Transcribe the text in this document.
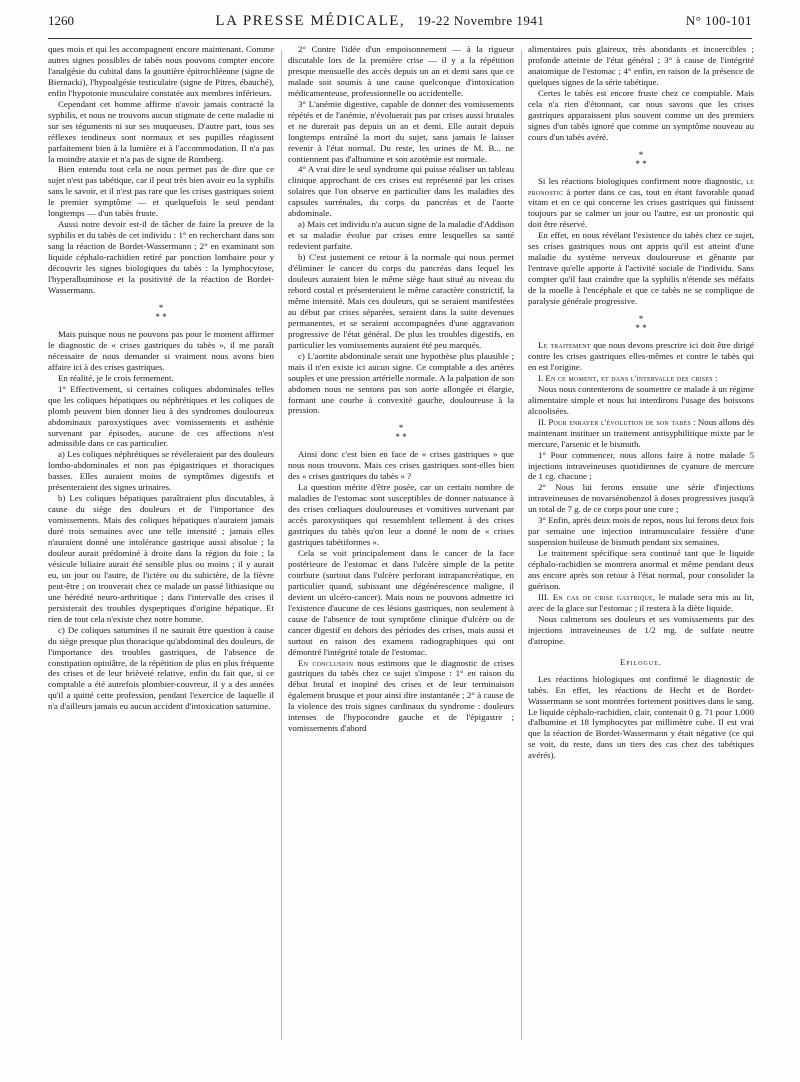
1260	LA PRESSE MÉDICALE, 19-22 Novembre 1941	N° 100-101

ques mois et qui les accompagnent encore maintenant. Comme autres signes possibles de tabès nous pouvons compter encore l'analgésie du cubital dans la gouttière épitrochléenne (signe de Biernacki), l'hypoalgésie testiculaire (signe de Pitres, ébauché), enfin l'hypotonie musculaire constatée aux membres inférieurs.

Cependant cet homme affirme n'avoir jamais contracté la syphilis, et nous ne trouvons aucun stigmate de cette maladie ni sur ses téguments ni sur ses muqueuses. D'autre part, tous ses réflexes tendineux sont normaux et ses pupilles réagissent parfaitement bien à la lumière et à l'accommodation. Il n'a pas la moindre ataxie et n'a pas de signe de Romberg.

Bien entendu tout cela ne nous permet pas de dire que ce sujet n'est pas tabétique, car il peut très bien avoir eu la syphilis sans le savoir, et il n'est pas rare que les crises gastriques soient le premier symptôme — et quelquefois le seul pendant longtemps — d'un tabès fruste.

Aussi notre devoir est-il de tâcher de faire la preuve de la syphilis et du tabès de cet individu : 1° en recherchant dans son sang la réaction de Bordet-Wassermann ; 2° en examinant son liquide céphalo-rachidien retiré par ponction lombaire pour y découvrir les signes biologiques du tabès : la lymphocytose, l'hyperalbuminose et la positivité de la réaction de Bordet-Wassermann.

*
* *

Mais puisque nous ne pouvons pas pour le moment affirmer le diagnostic de « crises gastriques du tabès », il me paraît nécessaire de nous demander si vraiment nous avons bien affaire ici à des crises gastriques.

En réalité, je le crois fermement.

1° Effectivement, si certaines coliques abdominales telles que les coliques hépatiques ou néphrétiques et les coliques de plomb peuvent bien donner lieu à des syndromes douloureux abdominaux paroxystiques avec vomissements et asthénie survenant par épisodes, aucune de ces affections n'est admissible dans ce cas particulier.

a) Les coliques néphrétiques se révéleraient par des douleurs lombo-abdominales et non pas épigastriques et thoraciques basses. Elles auraient moins de symptômes digestifs et présenteraient des signes urinaires.

b) Les coliques hépatiques paraîtraient plus discutables, à cause du siège des douleurs et de l'importance des vomissements. Mais des coliques hépatiques n'auraient jamais duré trois semaines avec une telle intensité ; jamais elles n'auraient donné une intolérance gastrique aussi absolue ; la douleur aurait prédominé à droite dans la région du foie ; la vésicule biliaire aurait été sensible plus ou moins ; il y aurait eu, un jour ou l'autre, de l'ictère ou du subictère, de la fièvre peut-être ; on trouverait chez ce malade un passé lithiasique ou une hérédité neuro-arthritique ; dans l'intervalle des crises il persisterait des troubles dyspeptiques d'origine hépatique. Et rien de tout cela n'existe chez notre homme.

c) De coliques saturnines il ne saurait être question à cause du siège presque plus thoracique qu'abdominal des douleurs, de l'importance des troubles gastriques, de l'absence de constipation opiniâtre, de la répétition de plus en plus fréquente des crises et de leur brièveté relative, enfin du fait que, si ce comptable a été autrefois plombier-couvreur, il y a des années qu'il a quitté cette profession, pendant l'exercice de laquelle il n'a d'ailleurs jamais eu aucun accident d'intoxication saturnine.

2° Contre l'idée d'un empoisonnement — à la rigueur discutable lors de la première crise — il y a la répétition presque mensuelle des accès depuis un an et demi sans que ce malade soit soumis à une cause quelconque d'intoxication médicamenteuse, professionnelle ou accidentelle.

3° L'anémie digestive, capable de donner des vomissements répétés et de l'anémie, n'évoluerait pas par crises aussi brutales et ne durerait pas depuis un an et demi. Elle aurait depuis longtemps entraîné la mort du sujet, sans jamais le laisser revenir à l'état normal. Du reste, les urines de M. B... ne contiennent pas d'albumine et son azotémie est normale.

4° A vrai dire le seul syndrome qui puisse réaliser un tableau clinique approchant de ces crises est représenté par les crises solaires que l'on observe en particulier dans les maladies des capsules surrénales, du corps du pancréas et de l'aorte abdominale.

a) Mais cet individu n'a aucun signe de la maladie d'Addison et sa maladie évolue par crises entre lesquelles sa santé redevient parfaite.

b) C'est justement ce retour à la normale qui nous permet d'éliminer le cancer du corps du pancréas dans lequel les douleurs auraient bien le même siège haut situé au niveau du rebord costal et présenteraient le même caractère constrictif, la même intensité. Mais ces douleurs, qui se seraient manifestées au début par crises séparées, seraient dans la suite devenues permanentes, et se seraient accompagnées d'une aggravation progressive de l'état général. De plus les troubles digestifs, en particulier les vomissements auraient été peu marqués.

c) L'aortite abdominale serait une hypothèse plus plausible ; mais il n'en existe ici aucun signe. Ce comptable a des artères souples et une pression artérielle normale. A la palpation de son abdomen nous ne sentons pas son aorte allongée et élargie, formant une courbe à convexité gauche, douloureuse à la pression.

*
* *

Ainsi donc c'est bien en face de « crises gastriques » que nous nous trouvons. Mais ces crises gastriques sont-elles bien des « crises gastriques du tabès » ?

La question mérite d'être posée, car un certain nombre de maladies de l'estomac sont susceptibles de donner naissance à des crises cœliaques douloureuses et vomitives survenant par accès paroxystiques qui ressemblent tellement à des crises gastriques du tabès qu'on leur a donné le nom de « crises gastriques tabétiformes ».

Cela se voit principalement dans le cancer de la face postérieure de l'estomac et dans l'ulcère simple de la petite courbure (surtout dans l'ulcère perforant intrapancréatique, en particulier quand, subissant une dégénérescence maligne, il devient un ulcéro-cancer). Mais nous ne pouvons admettre ici l'existence d'aucune de ces lésions gastriques, non seulement à cause de l'absence de tout symptôme clinique d'ulcère ou de cancer digestif en dehors des périodes des crises, mais aussi et surtout en raison des examens radiographiques qui ont démontré l'intégrité totale de l'estomac.

En conclusion nous estimons que le diagnostic de crises gastriques du tabès chez ce sujet s'impose : 1° en raison du début brutal et inopiné des crises et de leur terminaison également brusque et pour ainsi dire instantanée ; 2° à cause de la violence des trois signes cardinaux du syndrome : douleurs intenses de l'hypocondre gauche et de l'épigastre ; vomissements d'abord

alimentaires puis glaireux, très abondants et incoercibles ; profonde atteinte de l'état général ; 3° à cause de l'intégrité anatomique de l'estomac ; 4° enfin, en raison de la présence de quelques signes de la série tabétique.

Certes le tabès est encore fruste chez ce comptable. Mais cela n'a rien d'étonnant, car nous savons que les crises gastriques apparaissent plus souvent comme un des premiers signes d'un tabès ignoré que comme un symptôme nouveau au cours d'un tabès avéré.

*
* *

Si les réactions biologiques confirment notre diagnostic, le pronostic à porter dans ce cas, tout en étant favorable quoad vitam et en ce qui concerne les crises gastriques qui finissent toujours par se calmer un jour ou l'autre, est un pronostic qui doit être réservé.

En effet, en nous révélant l'existence du tabès chez ce sujet, ses crises gastriques nous ont appris qu'il est atteint d'une maladie du système nerveux douloureuse et gênante par l'entrave qu'elle apporte à l'activité sociale de l'individu. Sans compter qu'il faut craindre que la syphilis n'étende ses méfaits de la moelle à l'encéphale et que ce tabès ne se complique de paralysie générale progressive.

*
* *

Le traitement que nous devons prescrire ici doit être dirigé contre les crises gastriques elles-mêmes et contre le tabès qui en est l'origine.

I. En ce moment, et dans l'intervalle des crises :

Nous nous contenterons de soumettre ce malade à un régime alimentaire simple et nous lui interdirons l'usage des boissons alcoolisées.

II. Pour enrayer l'évolution de son tabès : Nous allons dès maintenant instituer un traitement antisyphilitique mixte par le mercure, l'arsenic et le bismuth.

1° Pour commencer, nous allons faire à notre malade 5 injections intraveineuses quotidiennes de cyanure de mercure de 1 cg. chacune ;

2° Nous lui ferons ensuite une série d'injections intraveineuses de novarsénobenzol à doses progressives jusqu'à un total de 7 g. de ce corps pour une cure ;

3° Enfin, après deux mois de repos, nous lui ferons deux fois par semaine une injection intramusculaire fessière d'une suspension huileuse de bismuth pendant six semaines.

Le traitement spécifique sera continué tant que le liquide céphalo-rachidien se montrera anormal et même pendant deux ans encore après son retour à l'état normal, pour consolider la guérison.

III. En cas de crise gastrique, le malade sera mis au lit, avec de la glace sur l'estomac ; il restera à la diète liquide.

Nous calmerons ses douleurs et ses vomissements par des injections intraveineuses de 1/2 mg. de sulfate neutre d'atropine.

Epilogue.

Les réactions biologiques ont confirmé le diagnostic de tabès. En effet, les réactions de Hecht et de Bordet-Wassermann se sont montrées fortement positives dans le sang. Le liquide céphalo-rachidien, clair, contenait 0 g. 71 pour 1.000 d'albumine et 18 lymphocytes par millimètre cube. Il est vrai que la réaction de Bordet-Wassermann y était négative (ce qui se voit, du reste, dans un tiers des cas chez des tabétiques avérés).
